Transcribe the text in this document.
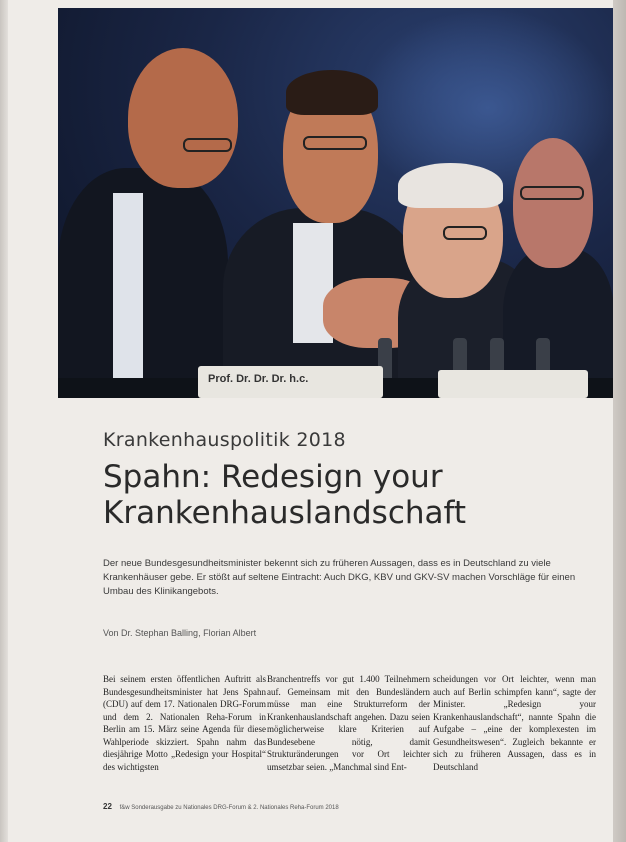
Prof. Dr. Dr. Dr. h.c.
Krankenhauspolitik 2018
Spahn: Redesign your Krankenhauslandschaft

Der neue Bundesgesundheitsminister bekennt sich zu früheren Aussagen, dass es in Deutschland zu viele Krankenhäuser gebe. Er stößt auf seltene Eintracht: Auch DKG, KBV und GKV-SV machen Vorschläge für einen Umbau des Klinikangebots.

Von Dr. Stephan Balling, Florian Albert

Bei seinem ersten öffentlichen Auftritt als Bundesgesundheitsminister hat Jens Spahn (CDU) auf dem 17. Nationalen DRG-Forum und dem 2. Nationalen Reha-Forum in Berlin am 15. März seine Agenda für diese Wahlperiode skizziert. Spahn nahm das diesjährige Motto „Redesign your Hospital“ des wichtigsten

Branchentreffs vor gut 1.400 Teilnehmern auf. Gemeinsam mit den Bundesländern müsse man eine Strukturreform der Krankenhauslandschaft angehen. Dazu seien möglicherweise klare Kriterien auf Bundesebene nötig, damit Strukturänderungen vor Ort leichter umsetzbar seien. „Manchmal sind Ent-

scheidungen vor Ort leichter, wenn man auch auf Berlin schimpfen kann“, sagte der Minister. „Redesign your Krankenhauslandschaft“, nannte Spahn die Aufgabe – „eine der komplexesten im Gesundheitswesen“. Zugleich bekannte er sich zu früheren Aussagen, dass es in Deutschland

22 f&w Sonderausgabe zu Nationales DRG-Forum & 2. Nationales Reha-Forum 2018
